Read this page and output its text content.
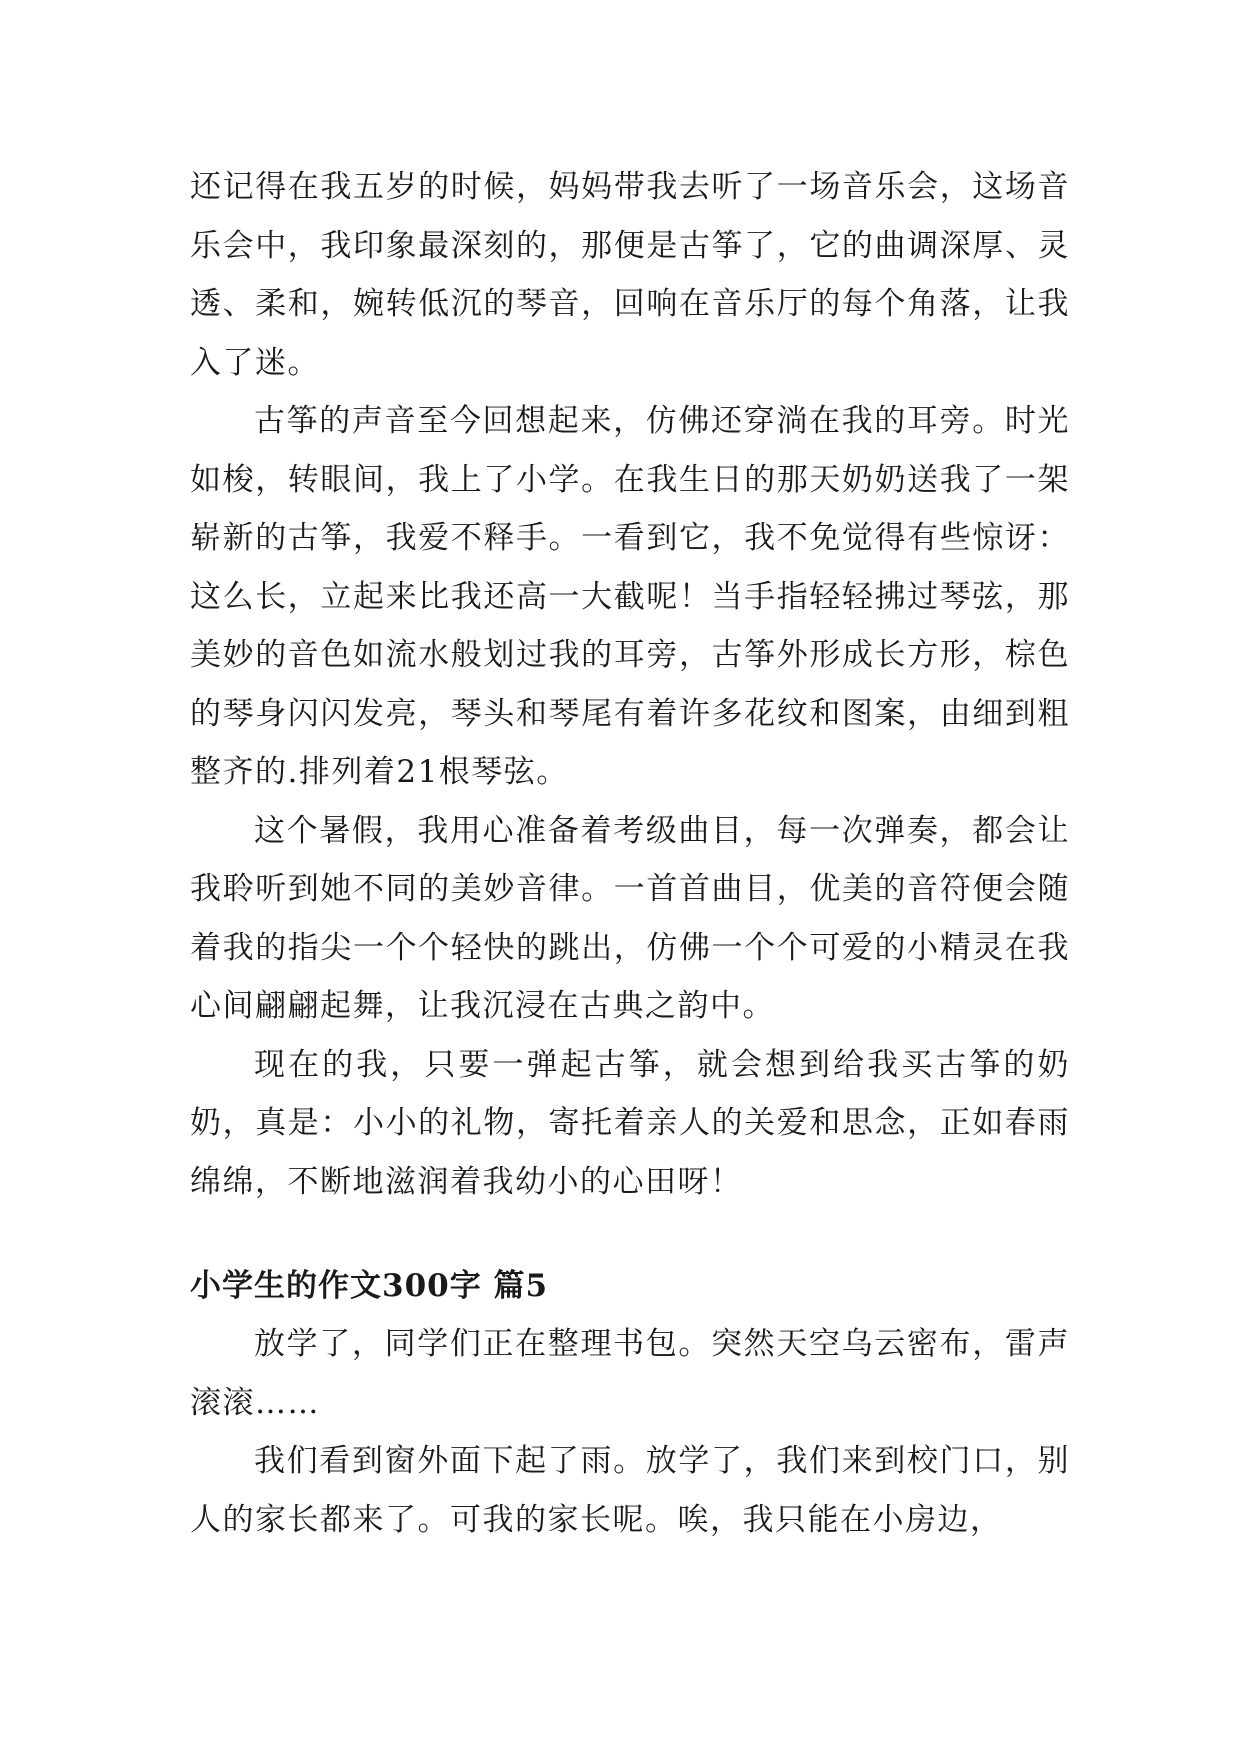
还记得在我五岁的时候，妈妈带我去听了一场音乐会，这场音乐会中，我印象最深刻的，那便是古筝了，它的曲调深厚、灵透、柔和，婉转低沉的琴音，回响在音乐厅的每个角落，让我入了迷。

古筝的声音至今回想起来，仿佛还穿淌在我的耳旁。时光如梭，转眼间，我上了小学。在我生日的那天奶奶送我了一架崭新的古筝，我爱不释手。一看到它，我不免觉得有些惊讶：这么长，立起来比我还高一大截呢！当手指轻轻拂过琴弦，那美妙的音色如流水般划过我的耳旁，古筝外形成长方形，棕色的琴身闪闪发亮，琴头和琴尾有着许多花纹和图案，由细到粗整齐的.排列着21根琴弦。

这个暑假，我用心准备着考级曲目，每一次弹奏，都会让我聆听到她不同的美妙音律。一首首曲目，优美的音符便会随着我的指尖一个个轻快的跳出，仿佛一个个可爱的小精灵在我心间翩翩起舞，让我沉浸在古典之韵中。

现在的我，只要一弹起古筝，就会想到给我买古筝的奶奶，真是：小小的礼物，寄托着亲人的关爱和思念，正如春雨绵绵，不断地滋润着我幼小的心田呀！

小学生的作文300字 篇5

放学了，同学们正在整理书包。突然天空乌云密布，雷声滚滚……

我们看到窗外面下起了雨。放学了，我们来到校门口，别人的家长都来了。可我的家长呢。唉，我只能在小房边，
